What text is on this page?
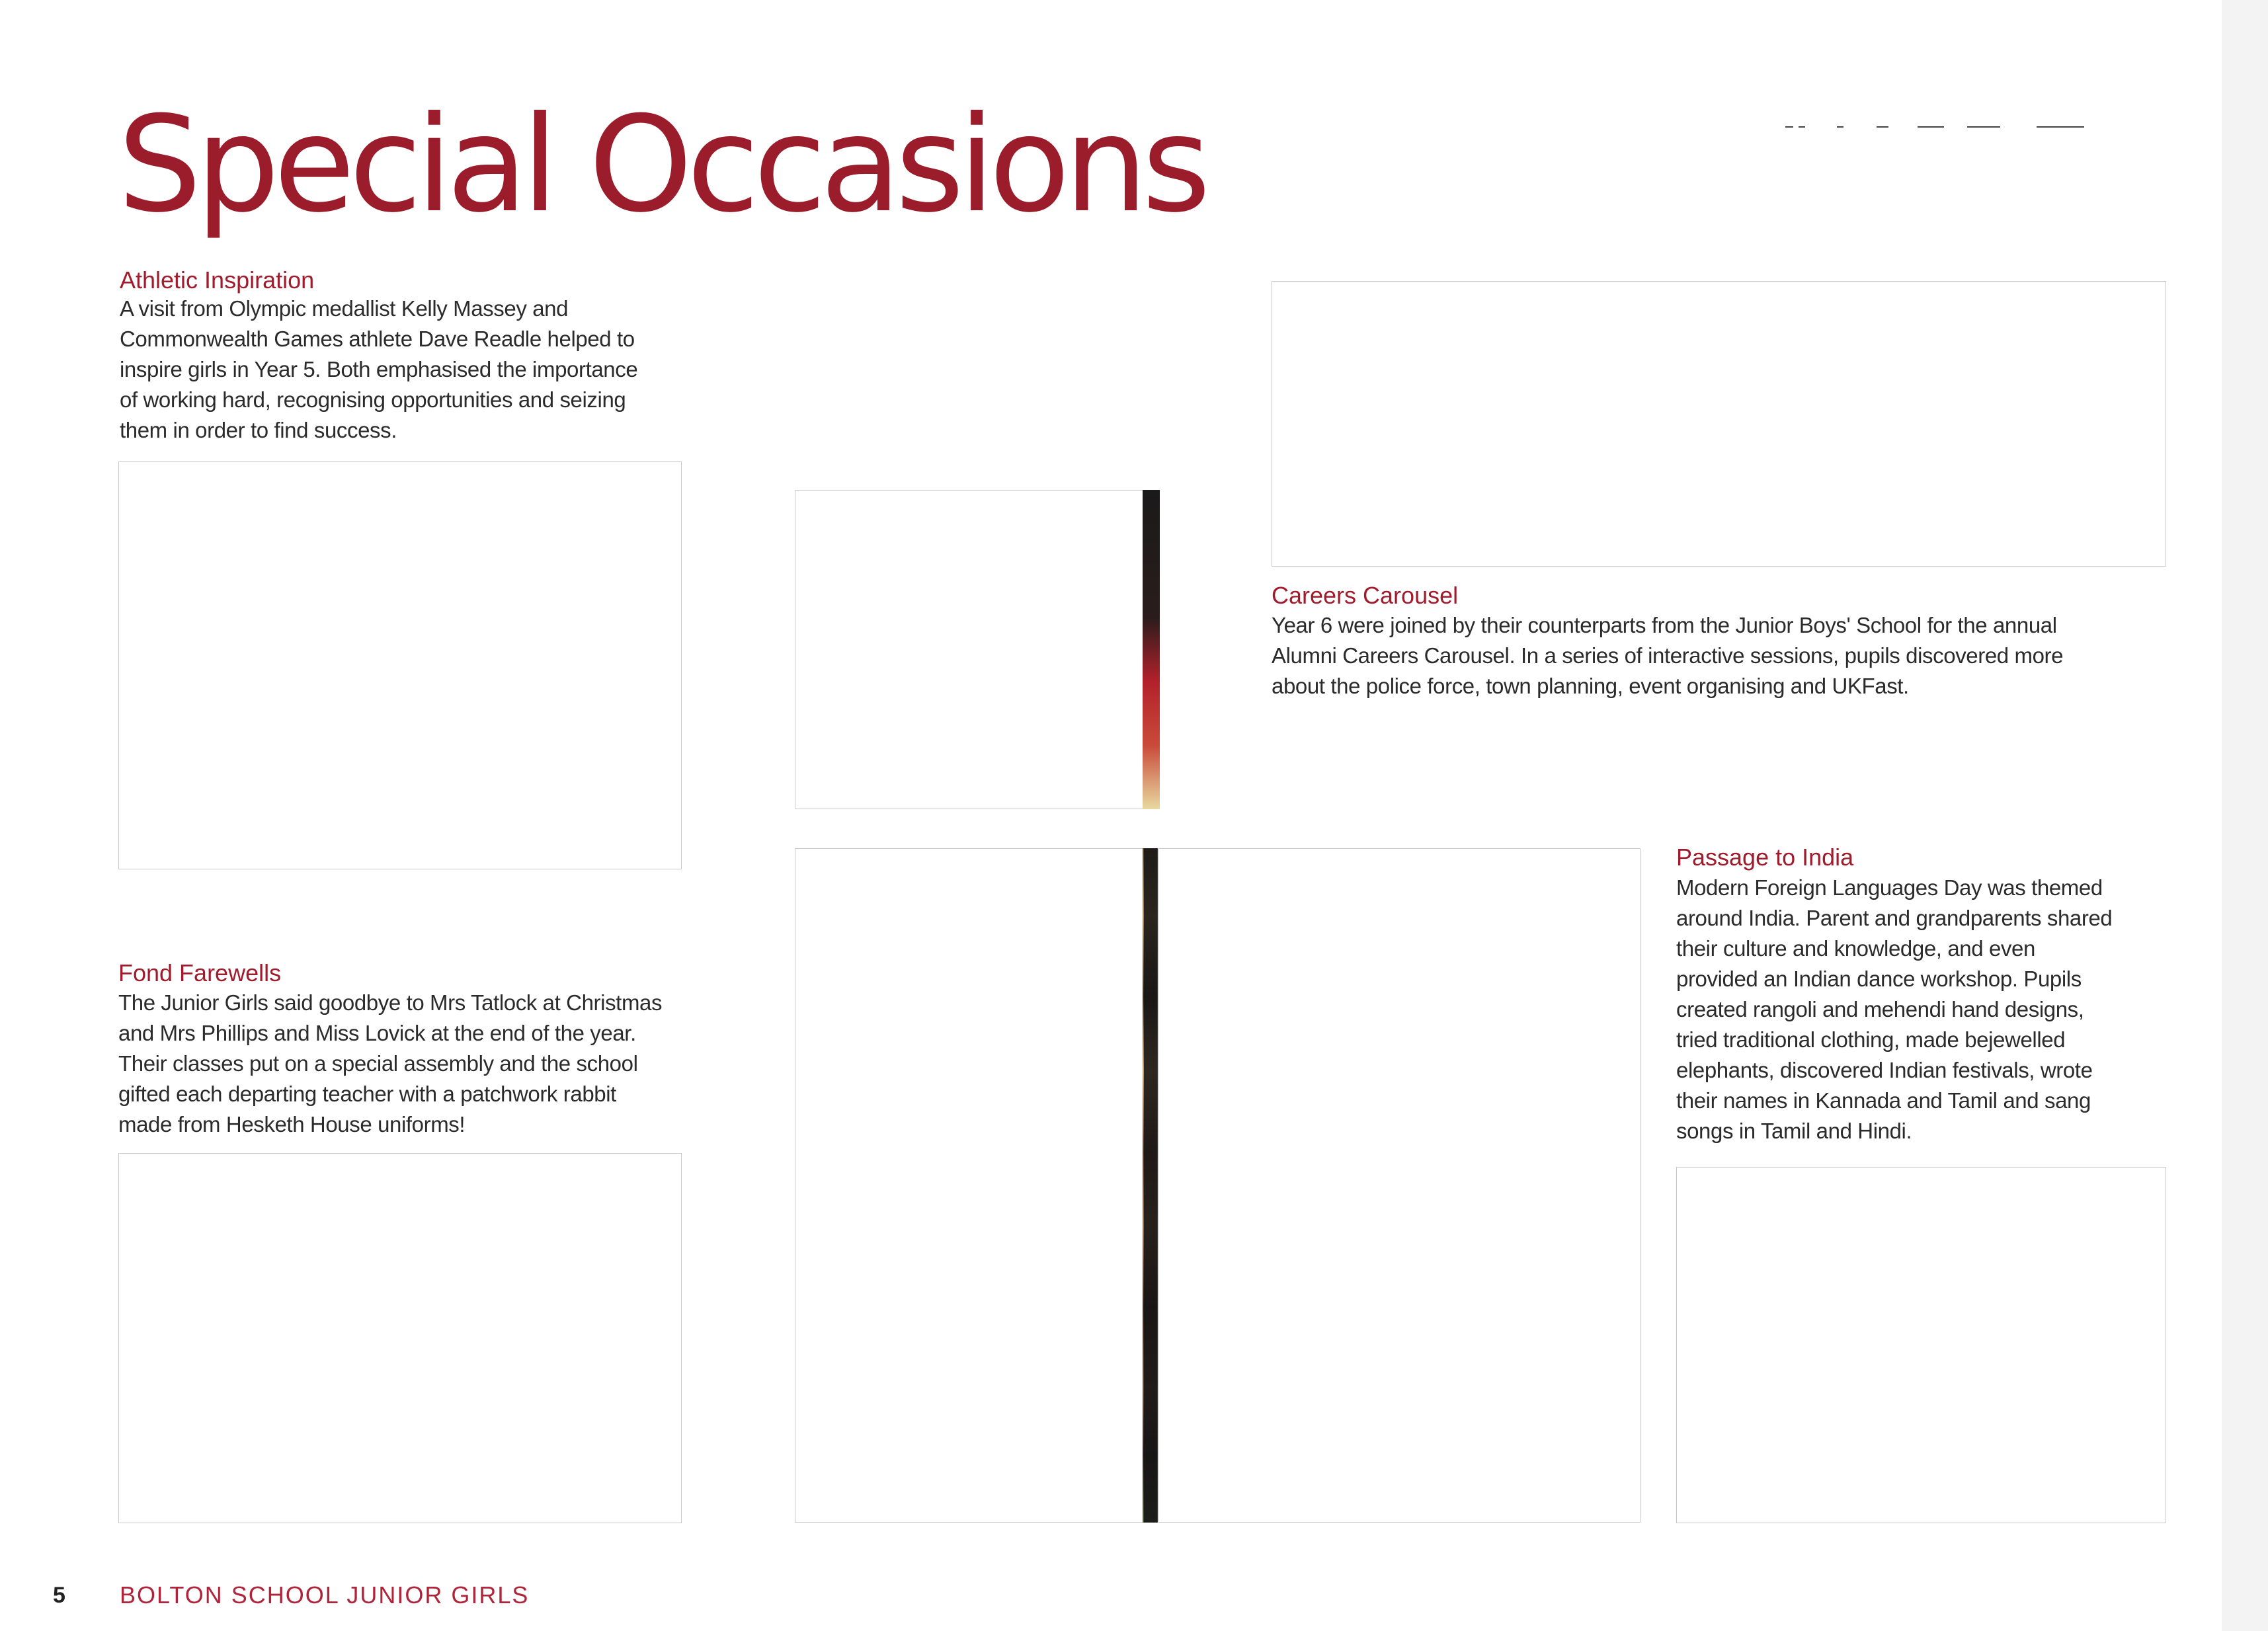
Special Occasions
Athletic Inspiration
A visit from Olympic medallist Kelly Massey and
Commonwealth Games athlete Dave Readle helped to
inspire girls in Year 5. Both emphasised the importance
of working hard, recognising opportunities and seizing
them in order to find success.
Careers Carousel
Year 6 were joined by their counterparts from the Junior Boys' School for the annual
Alumni Careers Carousel. In a series of interactive sessions, pupils discovered more
about the police force, town planning, event organising and UKFast.
Fond Farewells
The Junior Girls said goodbye to Mrs Tatlock at Christmas
and Mrs Phillips and Miss Lovick at the end of the year.
Their classes put on a special assembly and the school
gifted each departing teacher with a patchwork rabbit
made from Hesketh House uniforms!
Passage to India
Modern Foreign Languages Day was themed
around India. Parent and grandparents shared
their culture and knowledge, and even
provided an Indian dance workshop. Pupils
created rangoli and mehendi hand designs,
tried traditional clothing, made bejewelled
elephants, discovered Indian festivals, wrote
their names in Kannada and Tamil and sang
songs in Tamil and Hindi.
5 BOLTON SCHOOL JUNIOR GIRLS
